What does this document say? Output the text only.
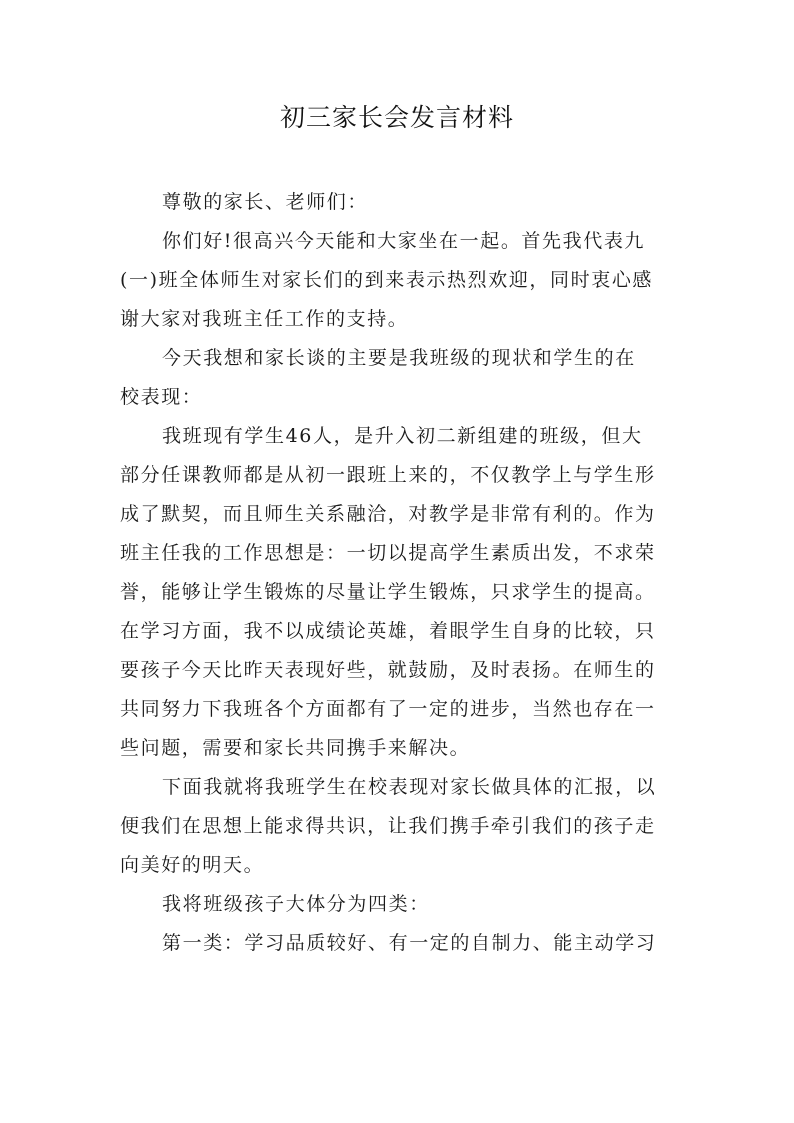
初三家长会发言材料
尊敬的家长、老师们：
你们好!很高兴今天能和大家坐在一起。首先我代表九
(一)班全体师生对家长们的到来表示热烈欢迎，同时衷心感
谢大家对我班主任工作的支持。
今天我想和家长谈的主要是我班级的现状和学生的在
校表现：
我班现有学生46人，是升入初二新组建的班级，但大
部分任课教师都是从初一跟班上来的，不仅教学上与学生形
成了默契，而且师生关系融洽，对教学是非常有利的。作为
班主任我的工作思想是：一切以提高学生素质出发，不求荣
誉，能够让学生锻炼的尽量让学生锻炼，只求学生的提高。
在学习方面，我不以成绩论英雄，着眼学生自身的比较，只
要孩子今天比昨天表现好些，就鼓励，及时表扬。在师生的
共同努力下我班各个方面都有了一定的进步，当然也存在一
些问题，需要和家长共同携手来解决。
下面我就将我班学生在校表现对家长做具体的汇报，以
便我们在思想上能求得共识，让我们携手牵引我们的孩子走
向美好的明天。
我将班级孩子大体分为四类：
第一类：学习品质较好、有一定的自制力、能主动学习
